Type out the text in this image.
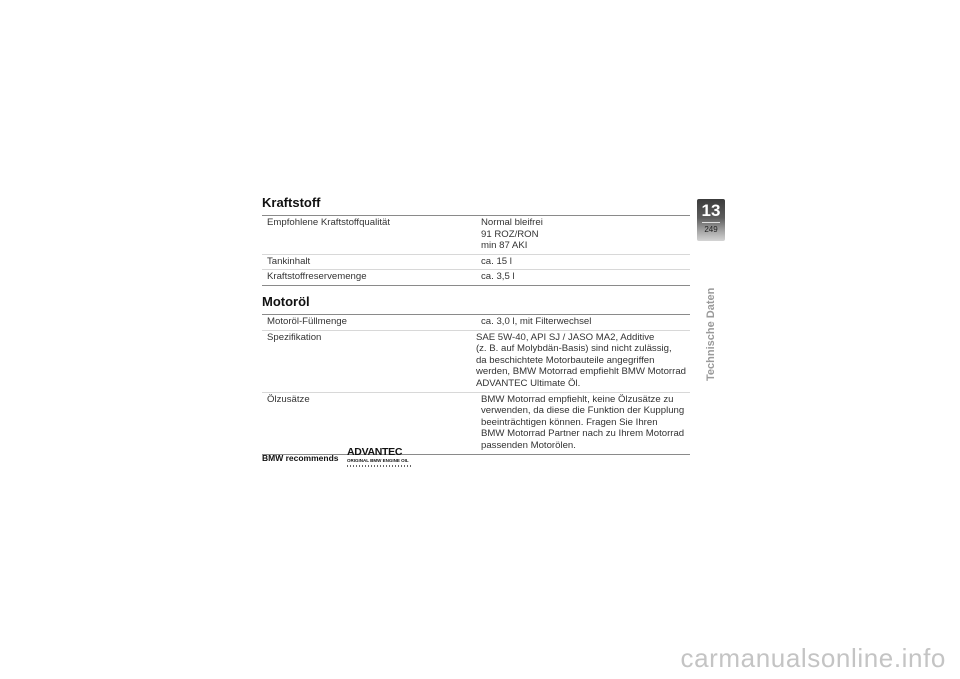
Kraftstoff
Empfohlene Kraftstoffqualität	Normal bleifrei
91 ROZ/RON
min 87 AKI
Tankinhalt	ca. 15 l
Kraftstoffreservemenge	ca. 3,5 l
Motoröl
Motoröl-Füllmenge	ca. 3,0 l, mit Filterwechsel
Spezifikation	SAE 5W-40, API SJ / JASO MA2, Additive
(z. B. auf Molybdän-Basis) sind nicht zulässig,
da beschichtete Motorbauteile angegriffen
werden, BMW Motorrad empfiehlt BMW Motorrad
ADVANTEC Ultimate Öl.
Ölzusätze	BMW Motorrad empfiehlt, keine Ölzusätze zu
verwenden, da diese die Funktion der Kupplung
beeinträchtigen können. Fragen Sie Ihren
BMW Motorrad Partner nach zu Ihrem Motorrad
passenden Motorölen.
BMW recommends ADVANTEC
ORIGINAL BMW ENGINE OIL
13
249
Technische Daten
carmanualsonline.info
